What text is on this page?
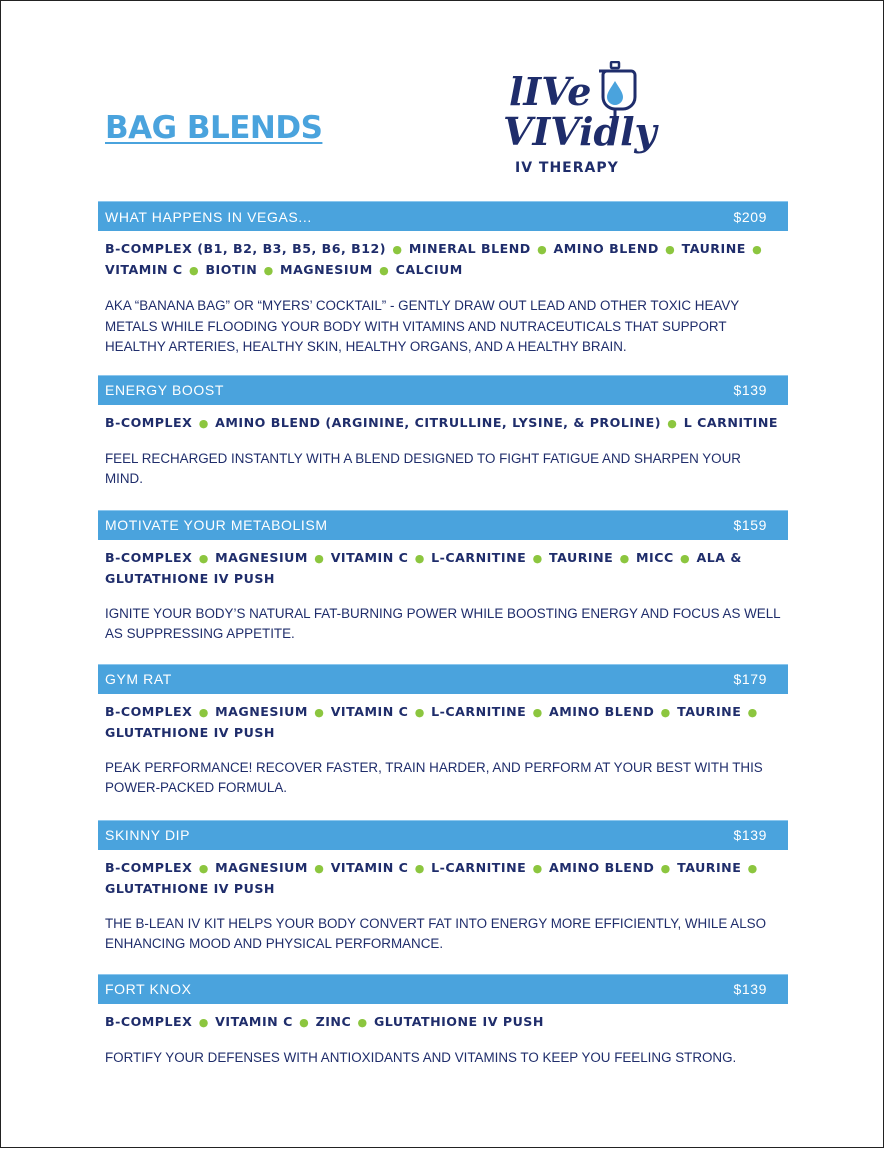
BAG BLENDS
lIVe
VIVidly
IV THERAPY
WHAT HAPPENS IN VEGAS...	$209
B-COMPLEX (B1, B2, B3, B5, B6, B12) ● MINERAL BLEND ● AMINO BLEND ● TAURINE ● VITAMIN C ● BIOTIN ● MAGNESIUM ● CALCIUM
AKA “BANANA BAG” OR “MYERS’ COCKTAIL” - GENTLY DRAW OUT LEAD AND OTHER TOXIC HEAVY METALS WHILE FLOODING YOUR BODY WITH VITAMINS AND NUTRACEUTICALS THAT SUPPORT HEALTHY ARTERIES, HEALTHY SKIN, HEALTHY ORGANS, AND A HEALTHY BRAIN.
ENERGY BOOST	$139
B-COMPLEX ● AMINO BLEND (ARGININE, CITRULLINE, LYSINE, & PROLINE) ● L CARNITINE
FEEL RECHARGED INSTANTLY WITH A BLEND DESIGNED TO FIGHT FATIGUE AND SHARPEN YOUR MIND.
MOTIVATE YOUR METABOLISM	$159
B-COMPLEX ● MAGNESIUM ● VITAMIN C ● L-CARNITINE ● TAURINE ● MICC ● ALA & GLUTATHIONE IV PUSH
IGNITE YOUR BODY’S NATURAL FAT-BURNING POWER WHILE BOOSTING ENERGY AND FOCUS AS WELL AS SUPPRESSING APPETITE.
GYM RAT	$179
B-COMPLEX ● MAGNESIUM ● VITAMIN C ● L-CARNITINE ● AMINO BLEND ● TAURINE ● GLUTATHIONE IV PUSH
PEAK PERFORMANCE! RECOVER FASTER, TRAIN HARDER, AND PERFORM AT YOUR BEST WITH THIS POWER-PACKED FORMULA.
SKINNY DIP	$139
B-COMPLEX ● MAGNESIUM ● VITAMIN C ● L-CARNITINE ● AMINO BLEND ● TAURINE ● GLUTATHIONE IV PUSH
THE B-LEAN IV KIT HELPS YOUR BODY CONVERT FAT INTO ENERGY MORE EFFICIENTLY, WHILE ALSO ENHANCING MOOD AND PHYSICAL PERFORMANCE.
FORT KNOX	$139
B-COMPLEX ● VITAMIN C ● ZINC ● GLUTATHIONE IV PUSH
FORTIFY YOUR DEFENSES WITH ANTIOXIDANTS AND VITAMINS TO KEEP YOU FEELING STRONG.
